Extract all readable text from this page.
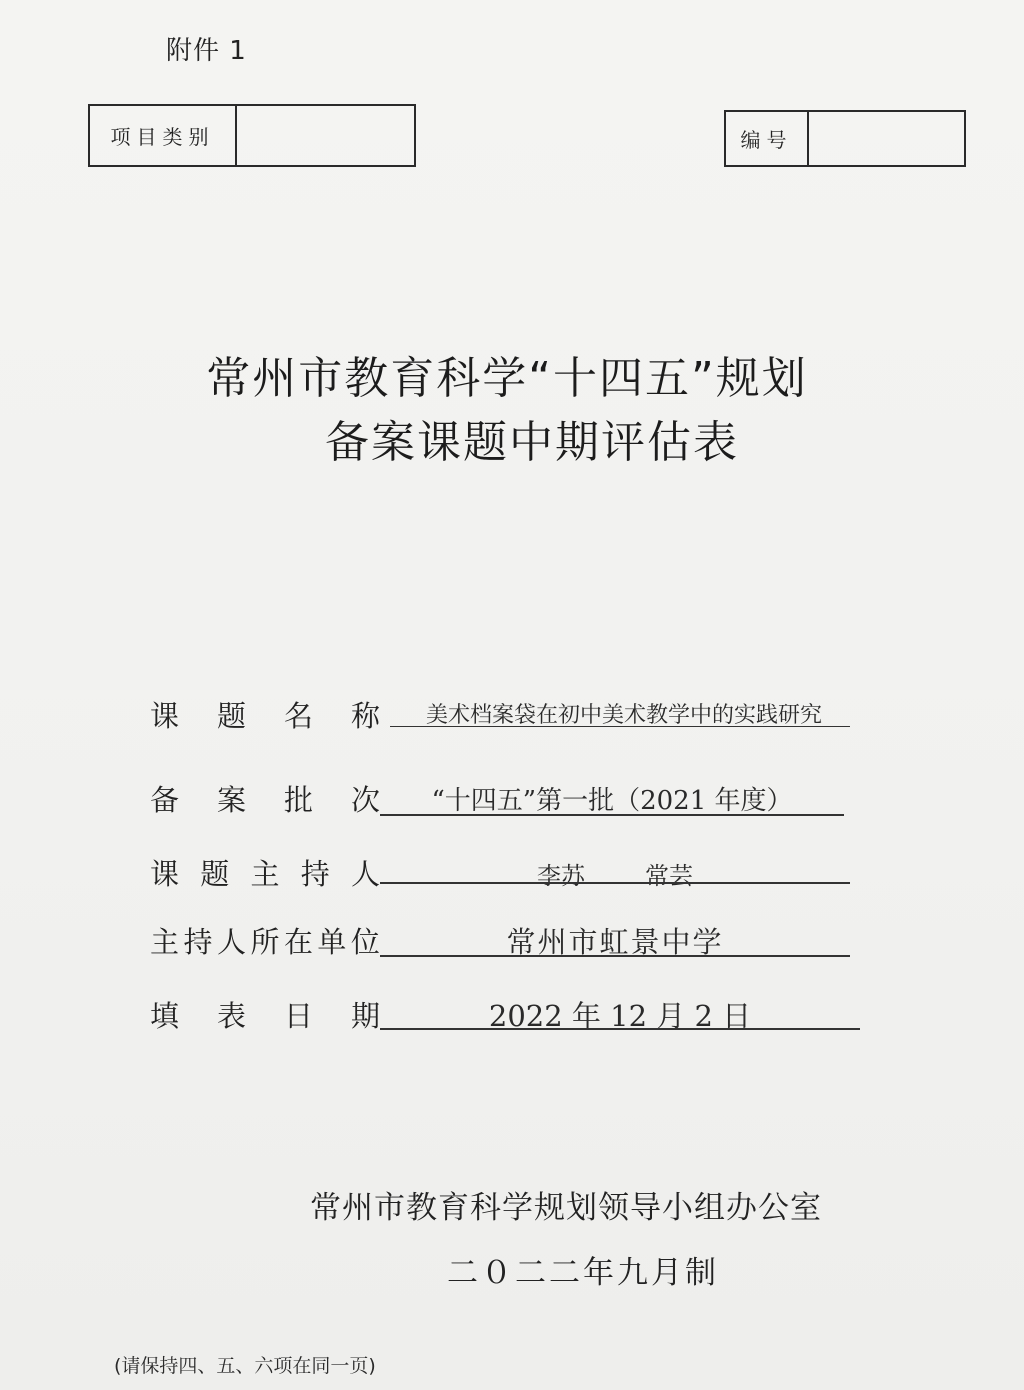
附件 1
项目类别	编号
常州市教育科学“十四五”规划
备案课题中期评估表
课 题 名 称	美术档案袋在初中美术教学中的实践研究
备 案 批 次	“十四五”第一批（2021 年度）
课 题 主 持 人	李苏	常芸
主 持 人 所 在 单 位	常州市虹景中学
填 表 日 期	2022 年 12 月 2 日
常州市教育科学规划领导小组办公室
二０二二年九月制
(请保持四、五、六项在同一页)
